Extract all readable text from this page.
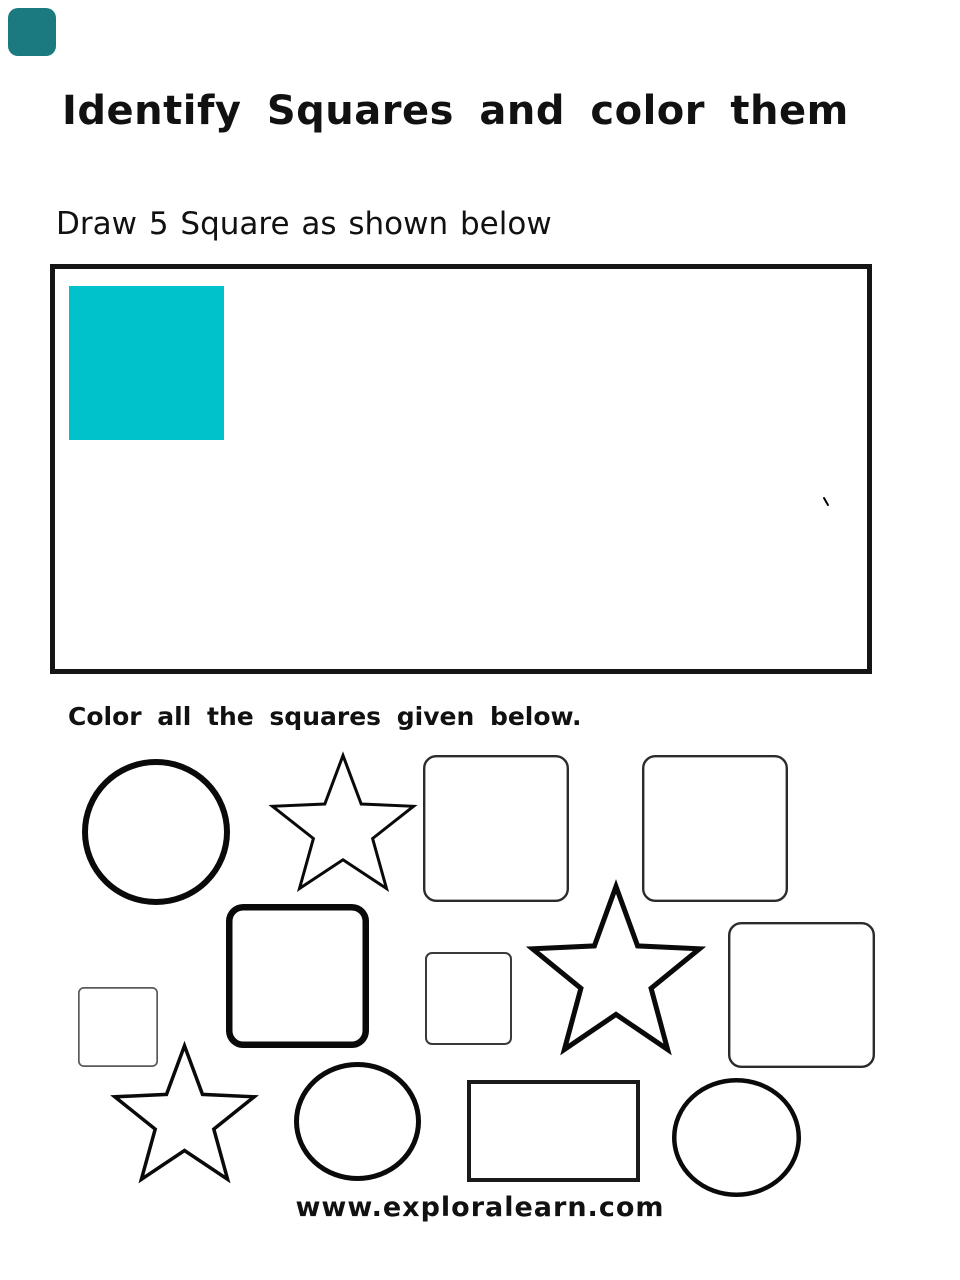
Identify Squares and color them

Draw 5 Square as shown below

Color all the squares given below.

www.exploralearn.com
